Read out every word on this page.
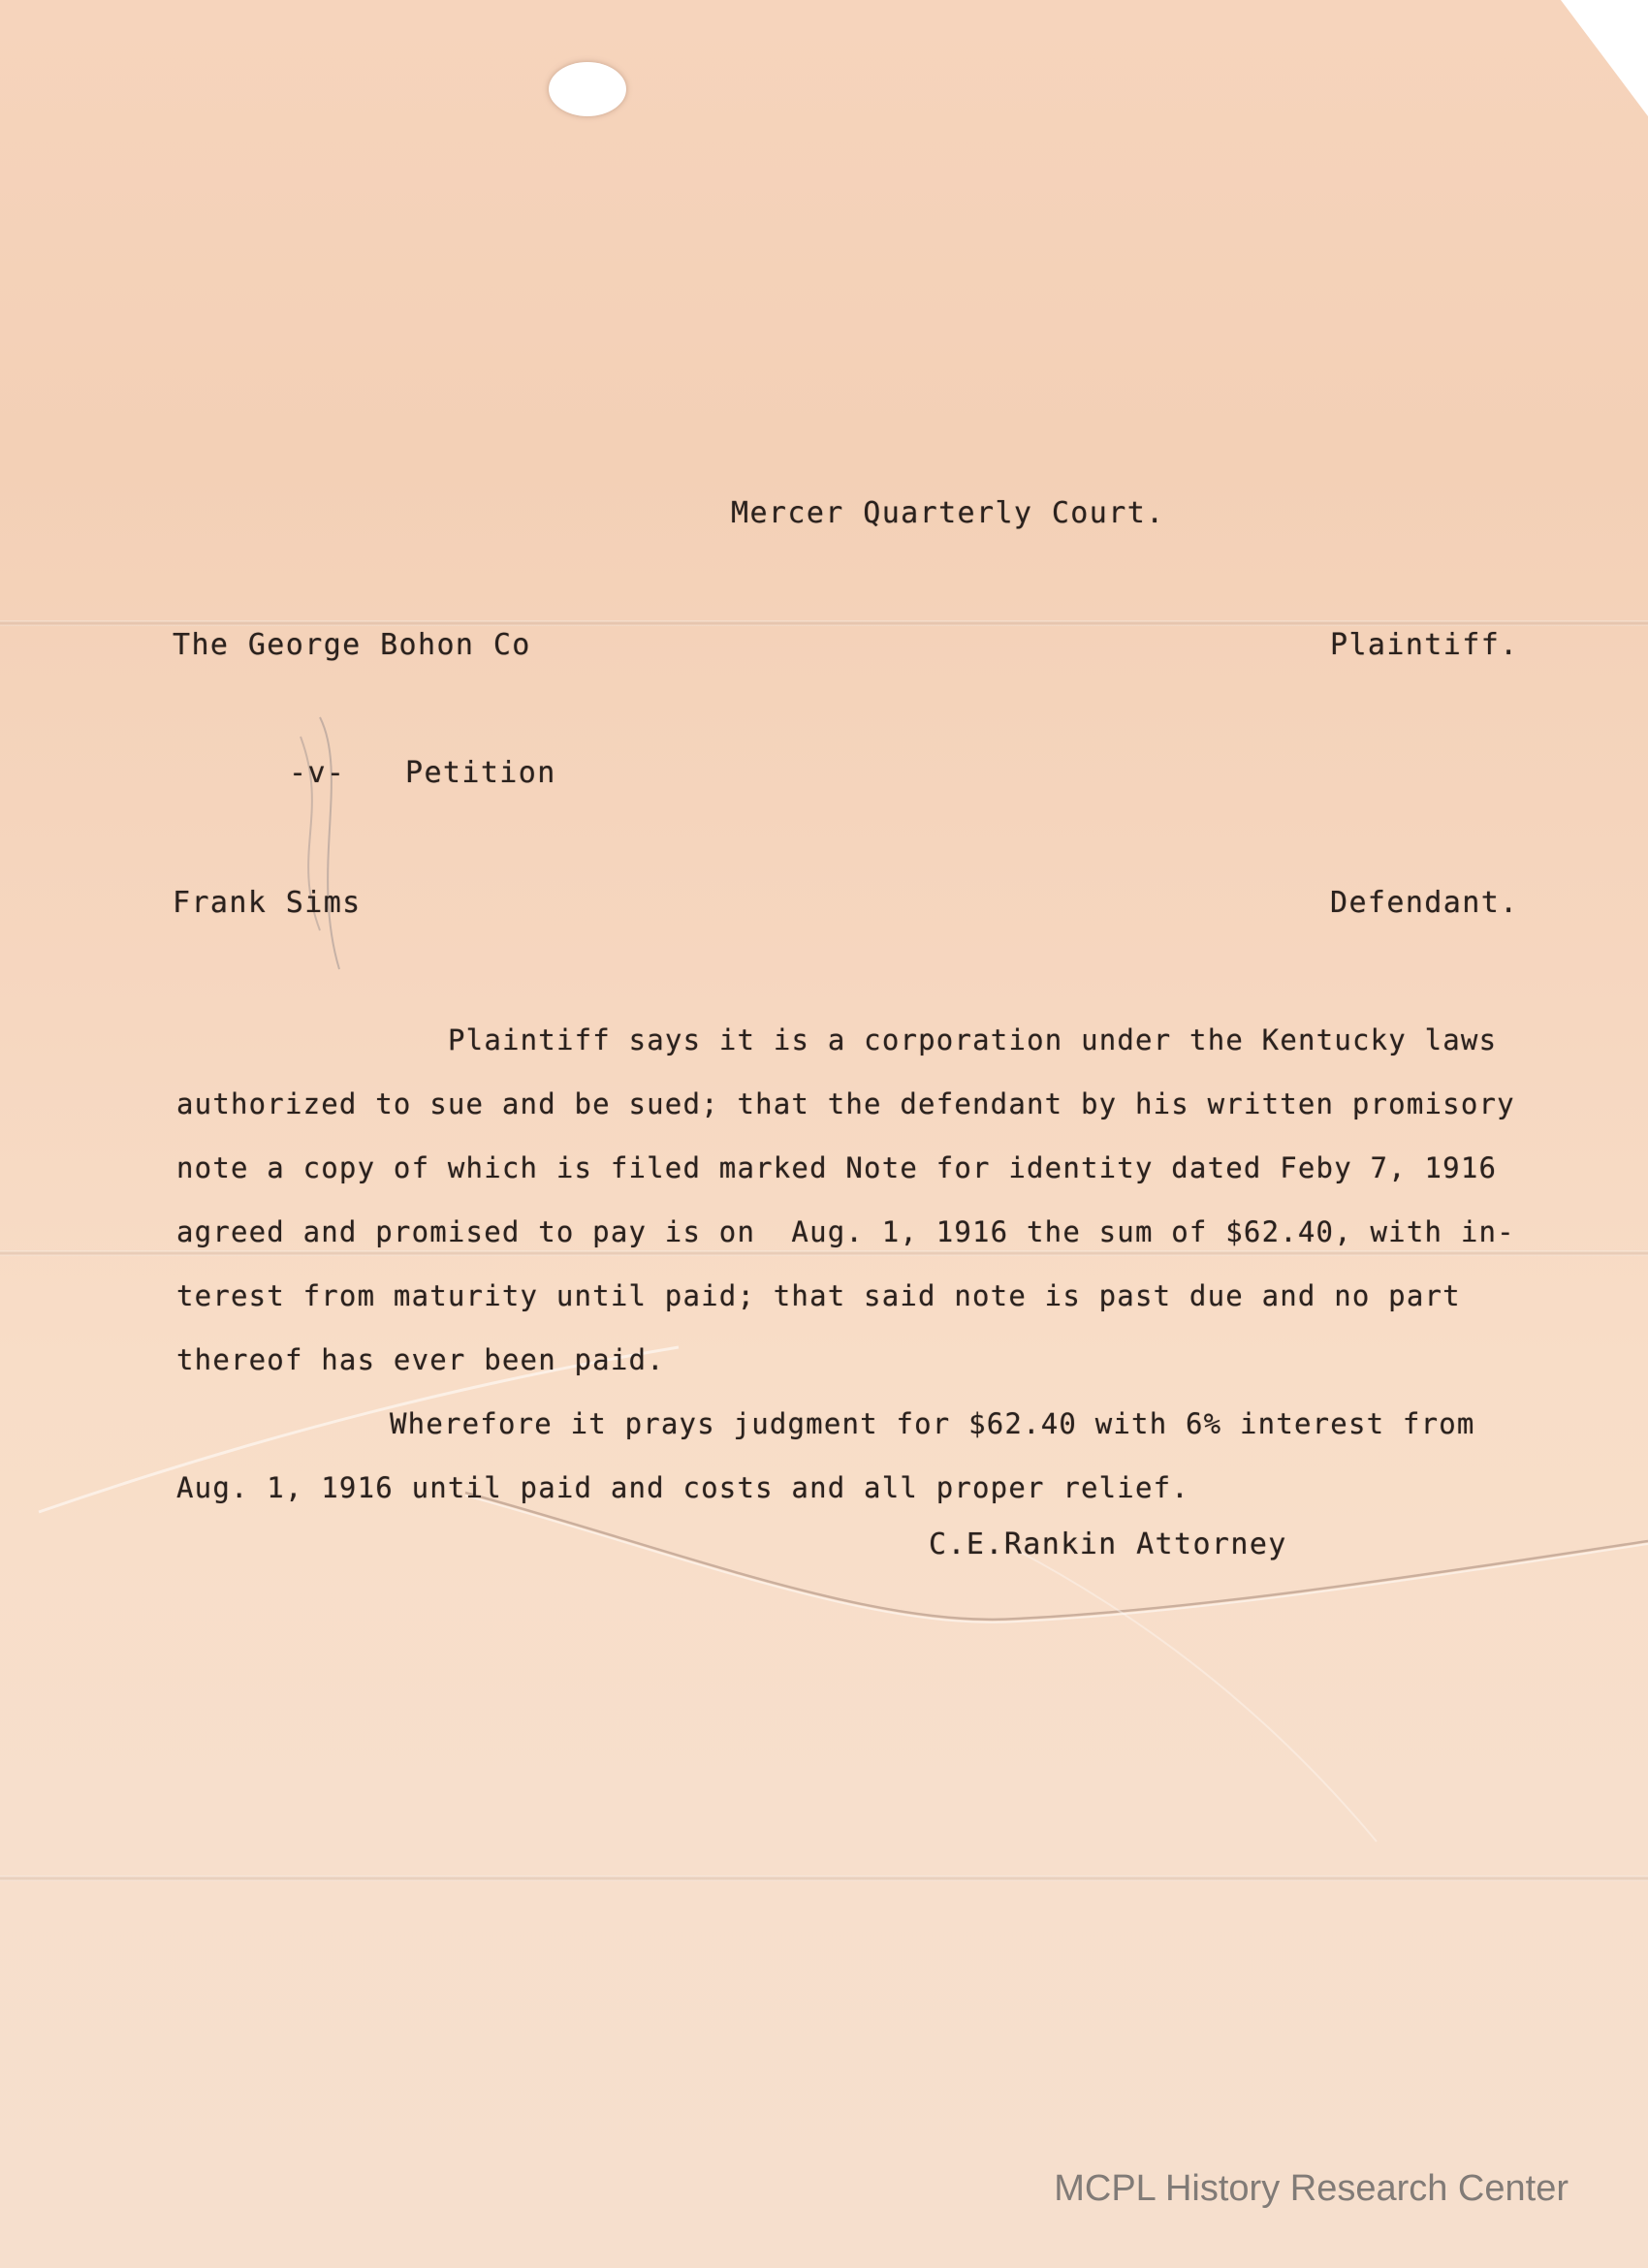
Mercer Quarterly Court.
The George Bohon Co	Plaintiff.
-v- Petition
Frank Sims	Defendant.
Plaintiff says it is a corporation under the Kentucky laws
authorized to sue and be sued; that the defendant by his written promisory
note a copy of which is filed marked Note for identity dated Feby 7, 1916
agreed and promised to pay is on  Aug. 1, 1916 the sum of $62.40, with in-
terest from maturity until paid; that said note is past due and no part
thereof has ever been paid.
Wherefore it prays judgment for $62.40 with 6% interest from
Aug. 1, 1916 until paid and costs and all proper relief.
C.E.Rankin Attorney
MCPL History Research Center
